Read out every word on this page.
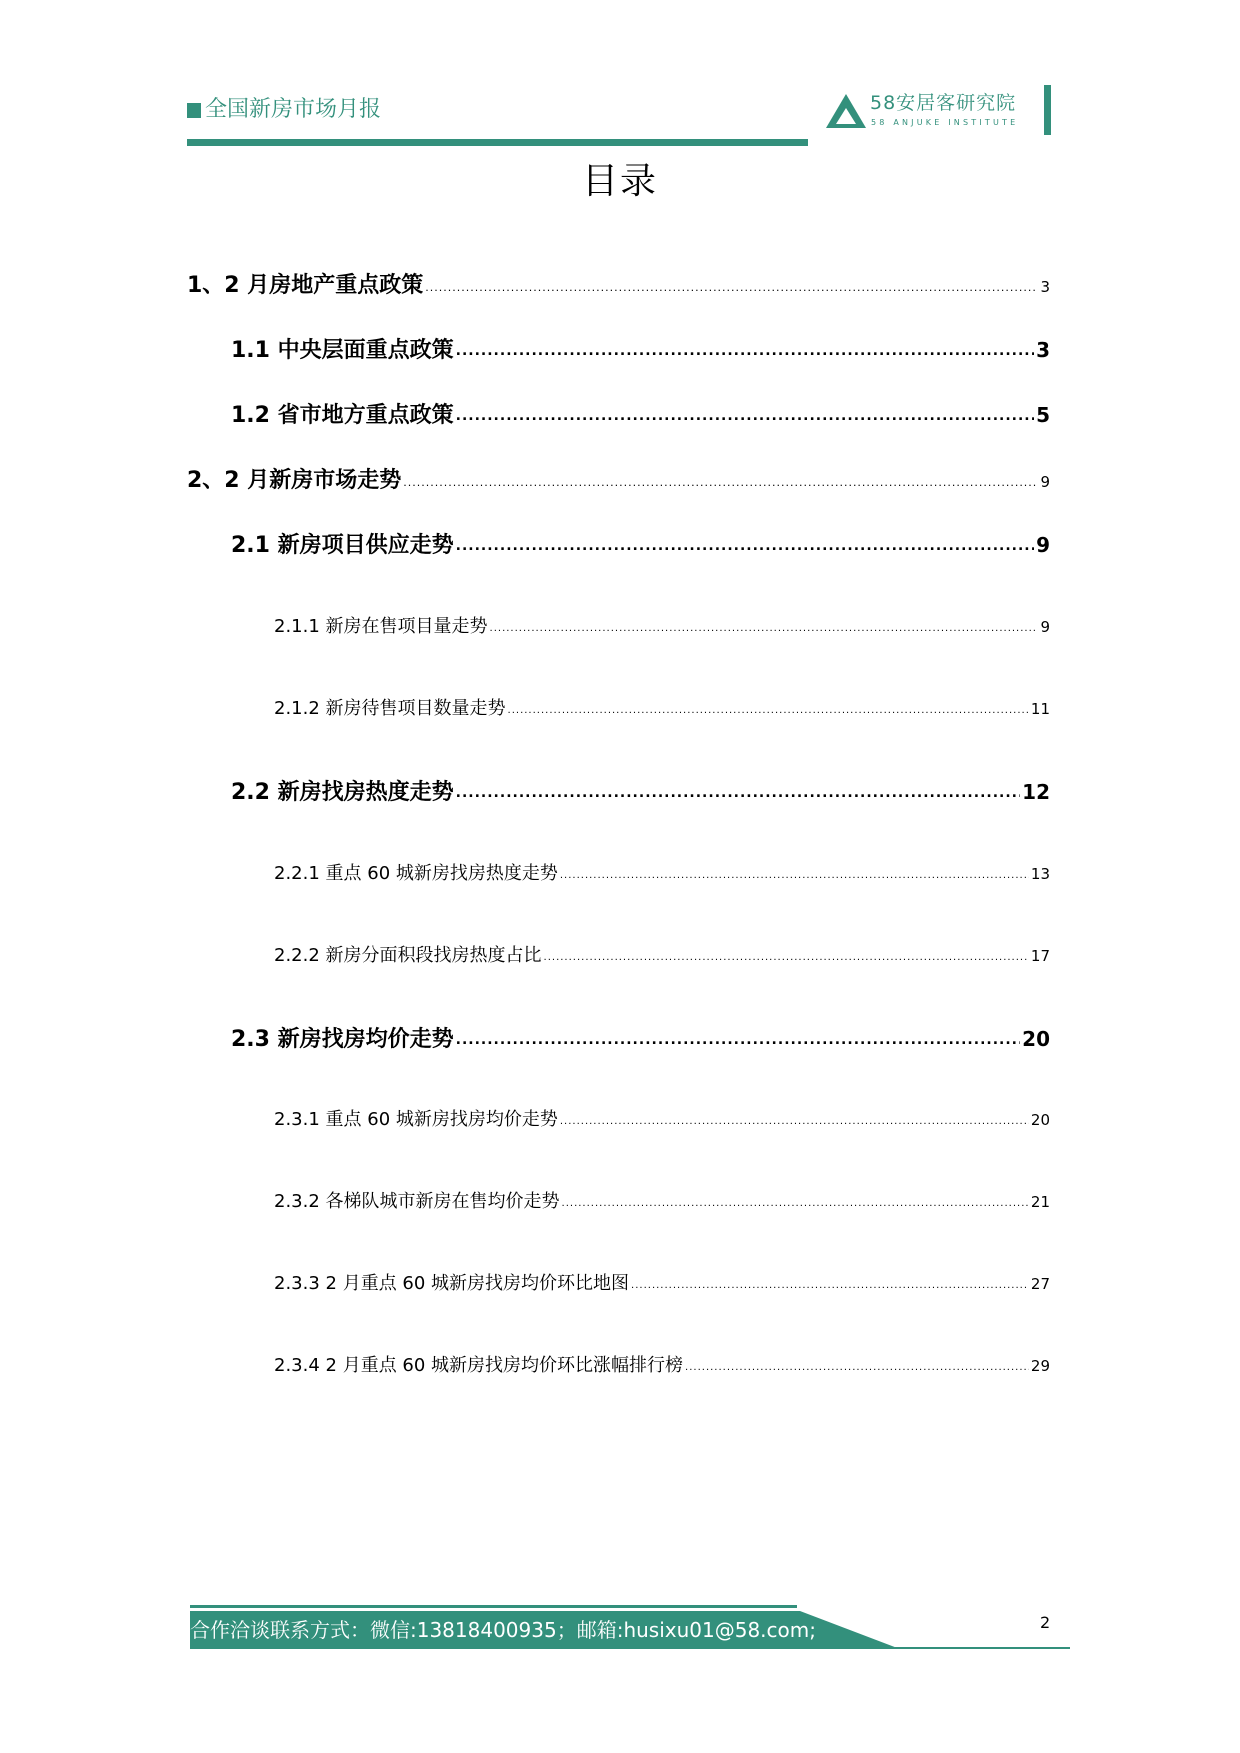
全国新房市场月报	58安居客研究院
58 ANJUKE INSTITUTE
目录
1、2 月房地产重点政策 .....	3
1.1 中央层面重点政策 .....	3
1.2 省市地方重点政策 .....	5
2、2 月新房市场走势 .....	9
2.1 新房项目供应走势 .....	9
2.1.1 新房在售项目量走势 .....	9
2.1.2 新房待售项目数量走势 .....	11
2.2 新房找房热度走势 .....	12
2.2.1 重点 60 城新房找房热度走势 .....	13
2.2.2 新房分面积段找房热度占比 .....	17
2.3 新房找房均价走势 .....	20
2.3.1 重点 60 城新房找房均价走势 .....	20
2.3.2 各梯队城市新房在售均价走势 .....	21
2.3.3 2 月重点 60 城新房找房均价环比地图 .....	27
2.3.4 2 月重点 60 城新房找房均价环比涨幅排行榜 .....	29
合作洽谈联系方式：微信:13818400935；邮箱:husixu01@58.com;	2
